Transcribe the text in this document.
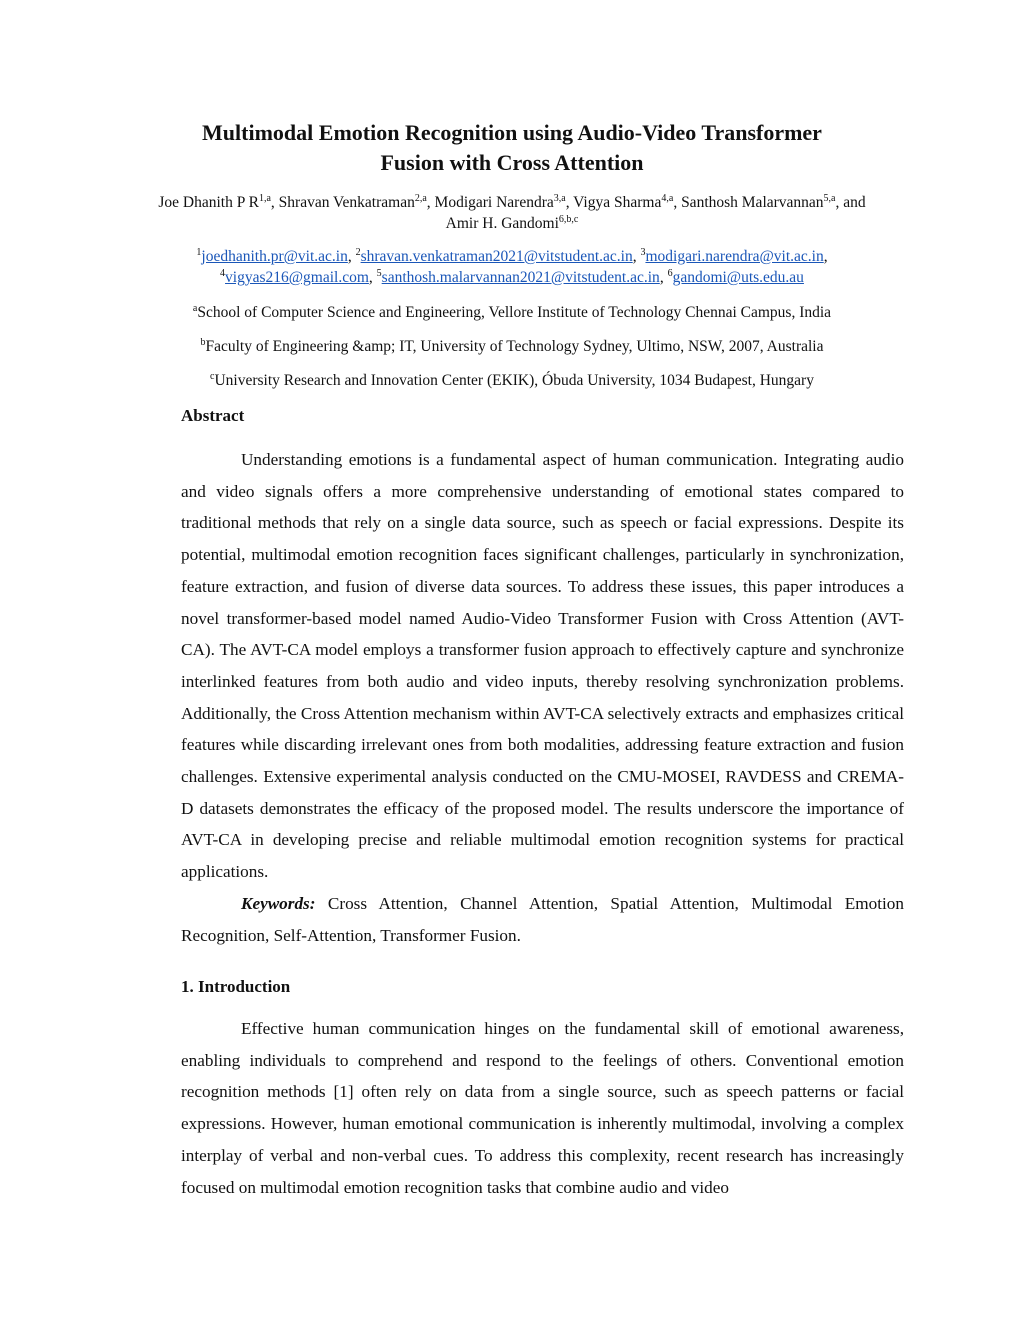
Multimodal Emotion Recognition using Audio-Video Transformer
Fusion with Cross Attention
Joe Dhanith P R$^{1,a}$, Shravan Venkatraman$^{2,a}$, Modigari Narendra$^{3,a}$, Vigya Sharma$^{4,a}$, Santhosh Malarvannan$^{5,a}$, and Amir H. Gandomi$^{6,b,c}$
$^1$joedhanith.pr@vit.ac.in, $^2$shravan.venkatraman2021@vitstudent.ac.in, $^3$modigari.narendra@vit.ac.in,
$^4$vigyas216@gmail.com, $^5$santhosh.malarvannan2021@vitstudent.ac.in, $^6$gandomi@uts.edu.au
$^a$School of Computer Science and Engineering, Vellore Institute of Technology Chennai Campus, India
$^b$Faculty of Engineering &amp; IT, University of Technology Sydney, Ultimo, NSW, 2007, Australia
$^c$University Research and Innovation Center (EKIK), Óbuda University, 1034 Budapest, Hungary
Abstract

Understanding emotions is a fundamental aspect of human communication. Integrating audio and video signals offers a more comprehensive understanding of emotional states compared to traditional methods that rely on a single data source, such as speech or facial expressions. Despite its potential, multimodal emotion recognition faces significant challenges, particularly in synchronization, feature extraction, and fusion of diverse data sources. To address these issues, this paper introduces a novel transformer-based model named Audio-Video Transformer Fusion with Cross Attention (AVT-CA). The AVT-CA model employs a transformer fusion approach to effectively capture and synchronize interlinked features from both audio and video inputs, thereby resolving synchronization problems. Additionally, the Cross Attention mechanism within AVT-CA selectively extracts and emphasizes critical features while discarding irrelevant ones from both modalities, addressing feature extraction and fusion challenges. Extensive experimental analysis conducted on the CMU-MOSEI, RAVDESS and CREMA-D datasets demonstrates the efficacy of the proposed model. The results underscore the importance of AVT-CA in developing precise and reliable multimodal emotion recognition systems for practical applications.

Keywords: Cross Attention, Channel Attention, Spatial Attention, Multimodal Emotion Recognition, Self-Attention, Transformer Fusion.

1. Introduction

Effective human communication hinges on the fundamental skill of emotional awareness, enabling individuals to comprehend and respond to the feelings of others. Conventional emotion recognition methods [1] often rely on data from a single source, such as speech patterns or facial expressions. However, human emotional communication is inherently multimodal, involving a complex interplay of verbal and non-verbal cues. To address this complexity, recent research has increasingly focused on multimodal emotion recognition tasks that combine audio and video
